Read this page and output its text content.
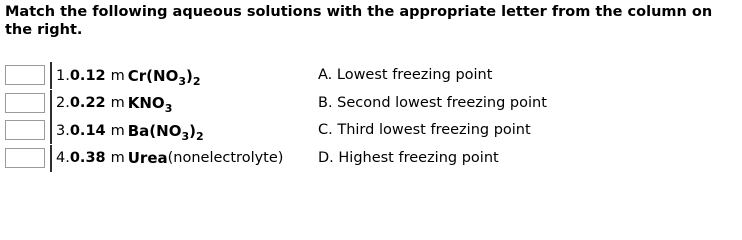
Match the following aqueous solutions with the appropriate letter from the column on the right.

1. 0.12 m $Cr(NO_3)_2$	A. Lowest freezing point
2. 0.22 m $KNO_3$	B. Second lowest freezing point
3. 0.14 m $Ba(NO_3)_2$	C. Third lowest freezing point
4. 0.38 m Urea (nonelectrolyte) D. Highest freezing point
